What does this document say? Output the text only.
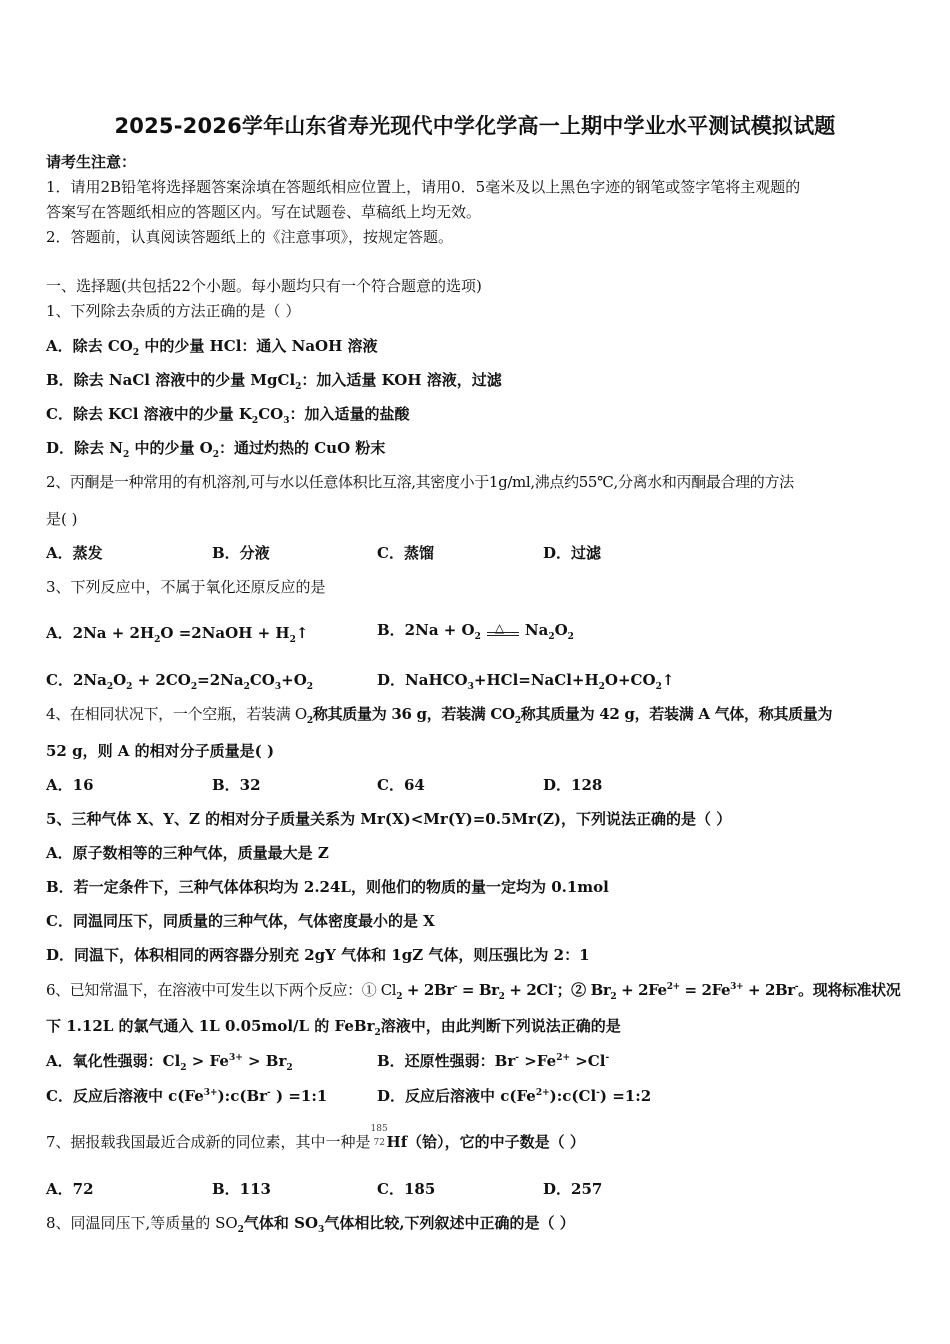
2025-2026学年山东省寿光现代中学化学高一上期中学业水平测试模拟试题
请考生注意：
1．请用2B铅笔将选择题答案涂填在答题纸相应位置上，请用0．5毫米及以上黑色字迹的钢笔或签字笔将主观题的
答案写在答题纸相应的答题区内。写在试题卷、草稿纸上均无效。
2．答题前，认真阅读答题纸上的《注意事项》，按规定答题。
一、选择题(共包括22个小题。每小题均只有一个符合题意的选项)
1、下列除去杂质的方法正确的是（ ）
A．除去 $CO_2$ 中的少量 HCl：通入 NaOH 溶液
B．除去 NaCl 溶液中的少量 MgCl$_2$：加入适量 KOH 溶液，过滤
C．除去 KCl 溶液中的少量 $K_2CO_3$：加入适量的盐酸
D．除去 $N_2$ 中的少量 $O_2$：通过灼热的 CuO 粉末
2、丙酮是一种常用的有机溶剂,可与水以任意体积比互溶,其密度小于1g/ml,沸点约55℃,分离水和丙酮最合理的方法
是( )
A．蒸发	B．分液	C．蒸馏	D．过滤
3、下列反应中，不属于氧化还原反应的是
A．$2Na + 2H_2O$ =2NaOH + $H_2↑$	B．$2Na + O_2$
△ $Na_2O_2$
C．$2Na_2O_2 + 2CO_2=2Na_2CO_3+O_2$	D．$NaHCO_3+HCl=NaCl+H_2O+CO_2↑$
4、在相同状况下，一个空瓶，若装满 $O_2$称其质量为 36 g，若装满 $CO_2$称其质量为 42 g，若装满 A 气体，称其质量为
52 g，则 A 的相对分子质量是( )
A．16	B．32	C．64	D．128
5、三种气体 X、Y、Z 的相对分子质量关系为 Mr(X)<Mr(Y)=0.5Mr(Z)，下列说法正确的是（ ）
A．原子数相等的三种气体，质量最大是 Z
B．若一定条件下，三种气体体积均为 2.24L，则他们的物质的量一定均为 0.1mol
C．同温同压下，同质量的三种气体，气体密度最小的是 X
D．同温下，体积相同的两容器分别充 2gY 气体和 1gZ 气体，则压强比为 2：1
6、已知常温下，在溶液中可发生以下两个反应：① $Cl_2 + 2Br^- = Br_2 + 2Cl^-$；② $Br_2 + 2Fe^{2+} = 2Fe^{3+} + 2Br^-$。现将标准状况
下 1.12L 的氯气通入 1L 0.05mol/L 的 FeBr$_2$溶液中，由此判断下列说法正确的是
A．氧化性强弱：$Cl_2 > Fe^{3+} > Br_2$	B．还原性强弱：$Br^- >Fe^{2+} >Cl^-$
C．反应后溶液中 $c(Fe^{3+}):c(Br^-$ ) =1:1	D．反应后溶液中 $c(Fe^{2+}):c(Cl^-)$ =1:2
7、据报载我国最近合成新的同位素，其中一种是
185
72 Hf（铪），它的中子数是（ ）
A．72	B．113	C．185	D．257
8、同温同压下,等质量的 $SO_2$气体和 $SO_3$气体相比较,下列叙述中正确的是（ ）
